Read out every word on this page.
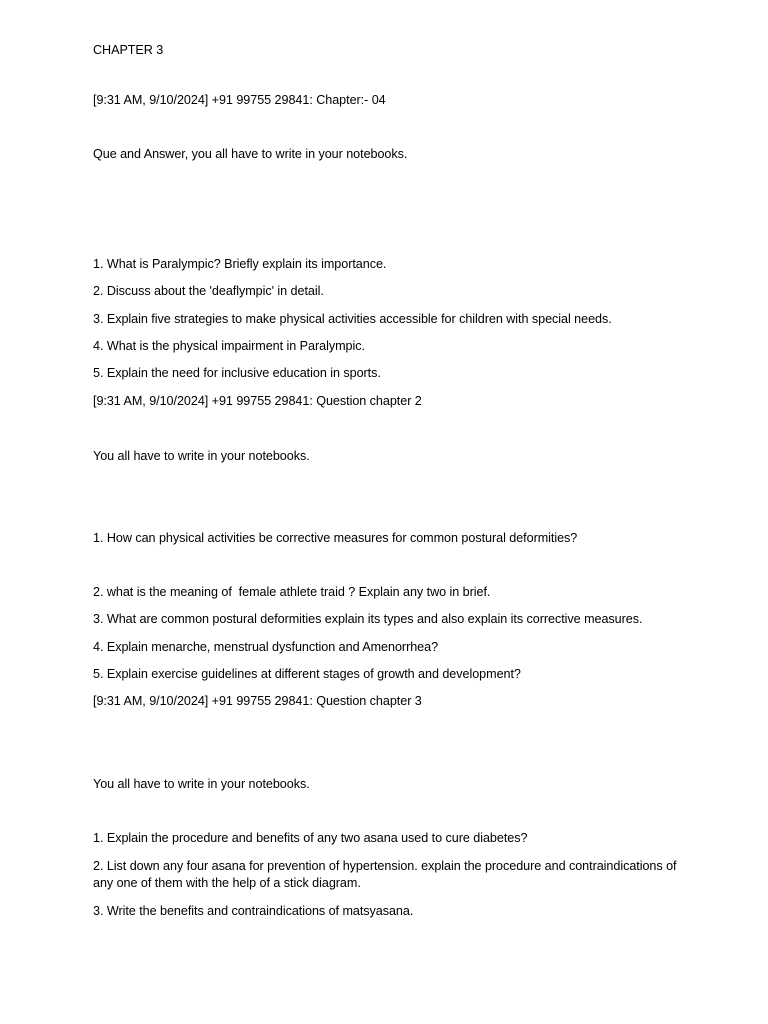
CHAPTER 3
[9:31 AM, 9/10/2024] +91 99755 29841: Chapter:- 04
Que and Answer, you all have to write in your notebooks.
1. What is Paralympic? Briefly explain its importance.
2. Discuss about the 'deaflympic' in detail.
3. Explain five strategies to make physical activities accessible for children with special needs.
4. What is the physical impairment in Paralympic.
5. Explain the need for inclusive education in sports.
[9:31 AM, 9/10/2024] +91 99755 29841: Question chapter 2
You all have to write in your notebooks.
1. How can physical activities be corrective measures for common postural deformities?
2. what is the meaning of  female athlete traid ? Explain any two in brief.
3. What are common postural deformities explain its types and also explain its corrective measures.
4. Explain menarche, menstrual dysfunction and Amenorrhea?
5. Explain exercise guidelines at different stages of growth and development?
[9:31 AM, 9/10/2024] +91 99755 29841: Question chapter 3
You all have to write in your notebooks.
1. Explain the procedure and benefits of any two asana used to cure diabetes?
2. List down any four asana for prevention of hypertension. explain the procedure and contraindications of any one of them with the help of a stick diagram.
3. Write the benefits and contraindications of matsyasana.
